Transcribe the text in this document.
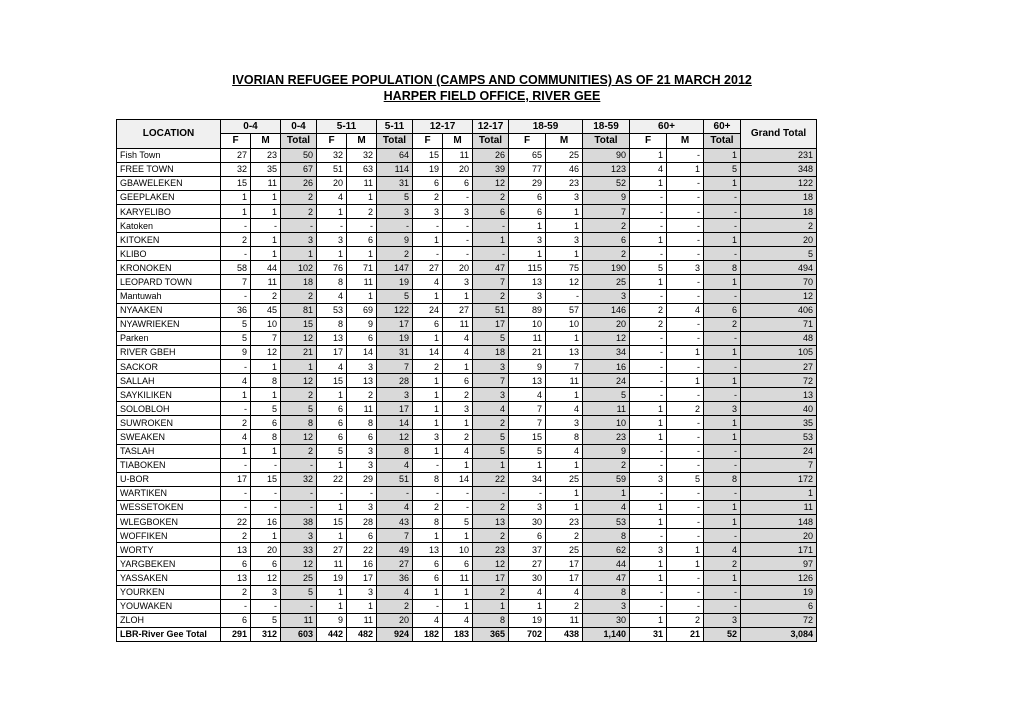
IVORIAN REFUGEE POPULATION (CAMPS AND COMMUNITIES) AS OF 21 MARCH 2012
HARPER FIELD OFFICE, RIVER GEE
LOCATION	0-4		0-4	5-11		5-11	12-17		12-17	18-59		18-59	60+		60+	Grand Total
	F	M	Total	F	M	Total	F	M	Total	F	M	Total	F	M	Total	
Fish Town	27	23	50	32	32	64	15	11	26	65	25	90	1	-	1	231
FREE TOWN	32	35	67	51	63	114	19	20	39	77	46	123	4	1	5	348
GBAWELEKEN	15	11	26	20	11	31	6	6	12	29	23	52	1	-	1	122
GEEPLAKEN	1	1	2	4	1	5	2	-	2	6	3	9	-	-	-	18
KARYELIBO	1	1	2	1	2	3	3	3	6	6	1	7	-	-	-	18
Katoken	-	-	-	-	-	-	-	-	-	1	1	2	-	-	-	2
KITOKEN	2	1	3	3	6	9	1	-	1	3	3	6	1	-	1	20
KLIBO	-	1	1	1	1	2	-	-	-	1	1	2	-	-	-	5
KRONOKEN	58	44	102	76	71	147	27	20	47	115	75	190	5	3	8	494
LEOPARD TOWN	7	11	18	8	11	19	4	3	7	13	12	25	1	-	1	70
Mantuwah	-	2	2	4	1	5	1	1	2	3	-	3	-	-	-	12
NYAAKEN	36	45	81	53	69	122	24	27	51	89	57	146	2	4	6	406
NYAWRIEKEN	5	10	15	8	9	17	6	11	17	10	10	20	2	-	2	71
Parken	5	7	12	13	6	19	1	4	5	11	1	12	-	-	-	48
RIVER GBEH	9	12	21	17	14	31	14	4	18	21	13	34	-	1	1	105
SACKOR	-	1	1	4	3	7	2	1	3	9	7	16	-	-	-	27
SALLAH	4	8	12	15	13	28	1	6	7	13	11	24	-	1	1	72
SAYKILIKEN	1	1	2	1	2	3	1	2	3	4	1	5	-	-	-	13
SOLOBLOH	-	5	5	6	11	17	1	3	4	7	4	11	1	2	3	40
SUWROKEN	2	6	8	6	8	14	1	1	2	7	3	10	1	-	1	35
SWEAKEN	4	8	12	6	6	12	3	2	5	15	8	23	1	-	1	53
TASLAH	1	1	2	5	3	8	1	4	5	5	4	9	-	-	-	24
TIABOKEN	-	-	-	1	3	4	-	1	1	1	1	2	-	-	-	7
U-BOR	17	15	32	22	29	51	8	14	22	34	25	59	3	5	8	172
WARTIKEN	-	-	-	-	-	-	-	-	-	-	1	1	-	-	-	1
WESSETOKEN	-	-	-	1	3	4	2	-	2	3	1	4	1	-	1	11
WLEGBOKEN	22	16	38	15	28	43	8	5	13	30	23	53	1	-	1	148
WOFFIKEN	2	1	3	1	6	7	1	1	2	6	2	8	-	-	-	20
WORTY	13	20	33	27	22	49	13	10	23	37	25	62	3	1	4	171
YARGBEKEN	6	6	12	11	16	27	6	6	12	27	17	44	1	1	2	97
YASSAKEN	13	12	25	19	17	36	6	11	17	30	17	47	1	-	1	126
YOURKEN	2	3	5	1	3	4	1	1	2	4	4	8	-	-	-	19
YOUWAKEN	-	-	-	1	1	2	-	1	1	1	2	3	-	-	-	6
ZLOH	6	5	11	9	11	20	4	4	8	19	11	30	1	2	3	72
LBR-River Gee Total	291	312	603	442	482	924	182	183	365	702	438	1,140	31	21	52	3,084
